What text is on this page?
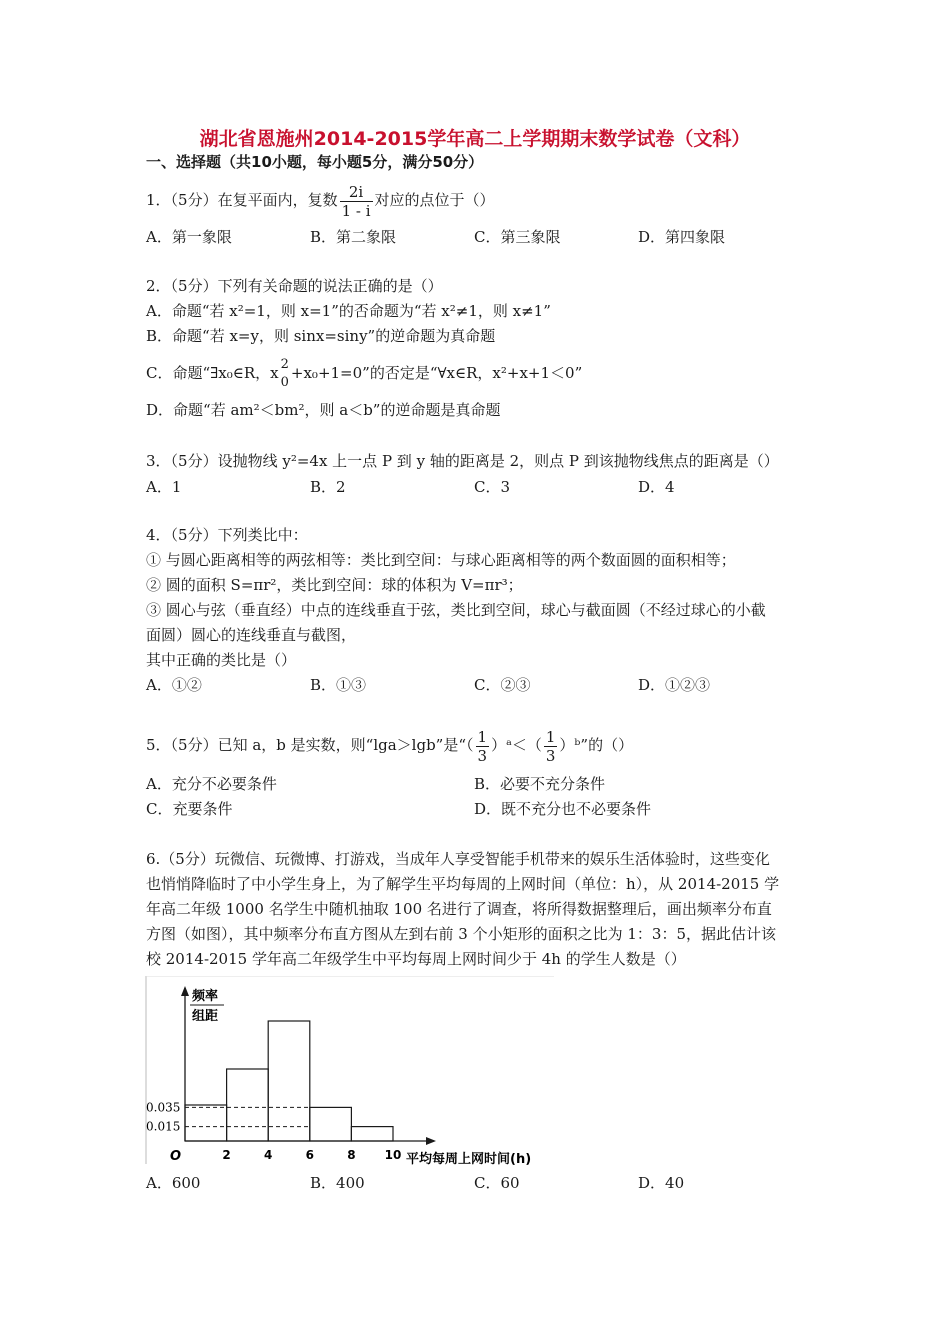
湖北省恩施州2014-2015学年高二上学期期末数学试卷（文科）
一、选择题（共10小题，每小题5分，满分50分）
1．（5分）在复平面内，复数 $\frac{2i}{1 - i}$ 对应的点位于（）
A．第一象限	B．第二象限	C．第三象限	D．第四象限
2．（5分）下列有关命题的说法正确的是（）
A．命题“若 x²=1，则 x=1”的否命题为“若 x²≠1，则 x≠1”
B．命题“若 x=y，则 sinx=siny”的逆命题为真命题
C．命题“∃x₀∈R，x 2
0
+x₀+1=0”的否定是“∀x∈R，x²+x+1＜0”
D．命题“若 am²＜bm²，则 a＜b”的逆命题是真命题
3．（5分）设抛物线 y²=4x 上一点 P 到 y 轴的距离是 2，则点 P 到该抛物线焦点的距离是（）
A．1	B．2	C．3	D．4
4．（5分）下列类比中：
① 与圆心距离相等的两弦相等：类比到空间：与球心距离相等的两个数面圆的面积相等；
② 圆的面积 S=πr²，类比到空间：球的体积为 V=πr³；
③ 圆心与弦（垂直经）中点的连线垂直于弦，类比到空间，球心与截面圆（不经过球心的小截
面圆）圆心的连线垂直与截图，
其中正确的类比是（）
A．①②	B．①③	C．②③	D．①②③
5．（5分）已知 a，b 是实数，则“lga＞lgb”是“（ $\frac{1}{3}$ ）ᵃ＜（ $\frac{1}{3}$ ）ᵇ”的（）
A．充分不必要条件	B．必要不充分条件
C．充要条件	D．既不充分也不必要条件
6.（5分）玩微信、玩微博、打游戏，当成年人享受智能手机带来的娱乐生活体验时，这些变化
也悄悄降临时了中小学生身上，为了解学生平均每周的上网时间（单位：h），从 2014-2015 学
年高二年级 1000 名学生中随机抽取 100 名进行了调查，将所得数据整理后，画出频率分布直
方图（如图），其中频率分布直方图从左到右前 3 个小矩形的面积之比为 1：3：5，据此估计该
校 2014-2015 学年高二年级学生中平均每周上网时间少于 4h 的学生人数是（）
0.035
0.015
2	4	6	8 10
频率
组距
O	平均每周上网时间(h)
A．600	B．400	C．60	D．40
